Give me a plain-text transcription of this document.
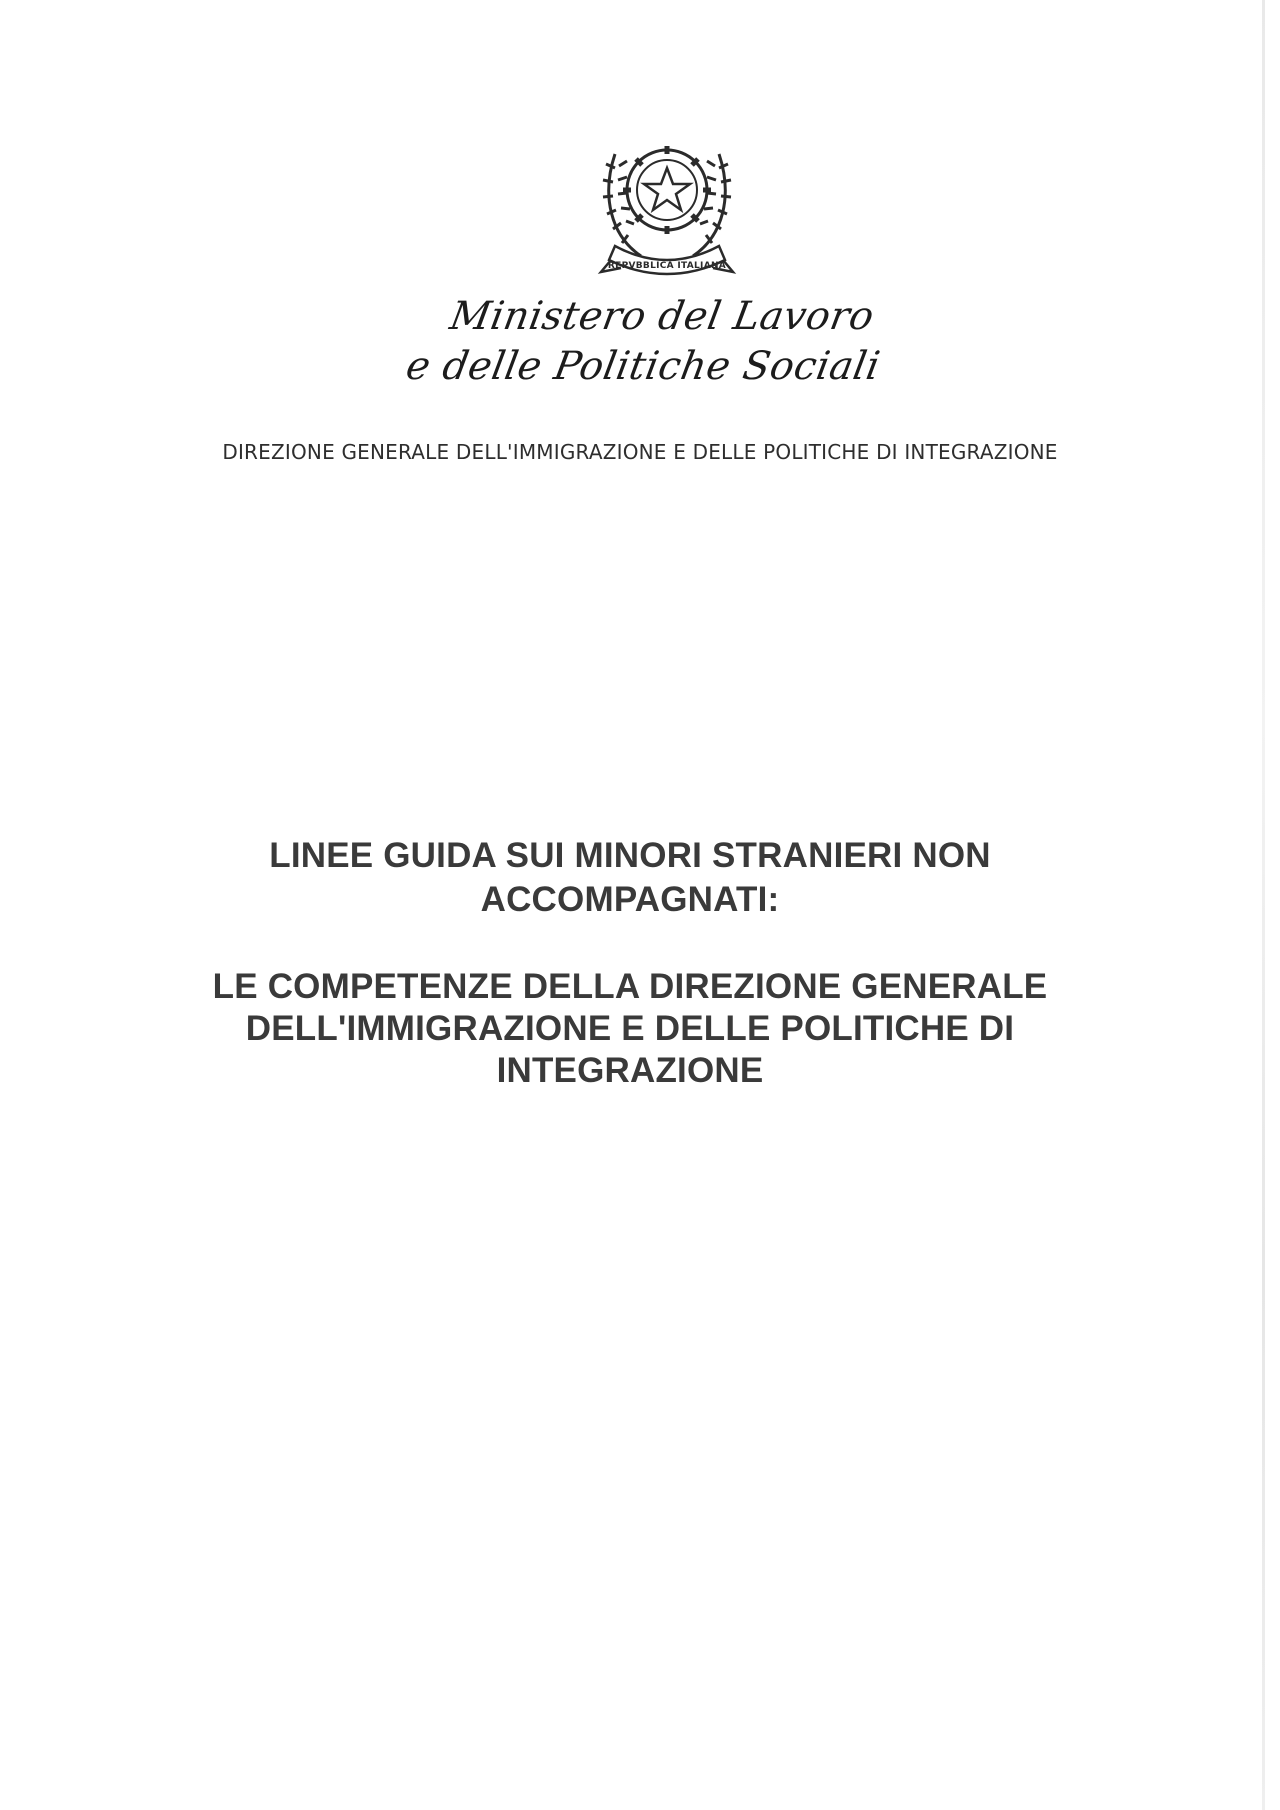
REPVBBLICA ITALIANA
Ministero del Lavoro
e delle Politiche Sociali
DIREZIONE GENERALE DELL'IMMIGRAZIONE E DELLE POLITICHE DI INTEGRAZIONE
LINEE GUIDA SUI MINORI STRANIERI NON
ACCOMPAGNATI:
LE COMPETENZE DELLA DIREZIONE GENERALE
DELL'IMMIGRAZIONE E DELLE POLITICHE DI
INTEGRAZIONE
